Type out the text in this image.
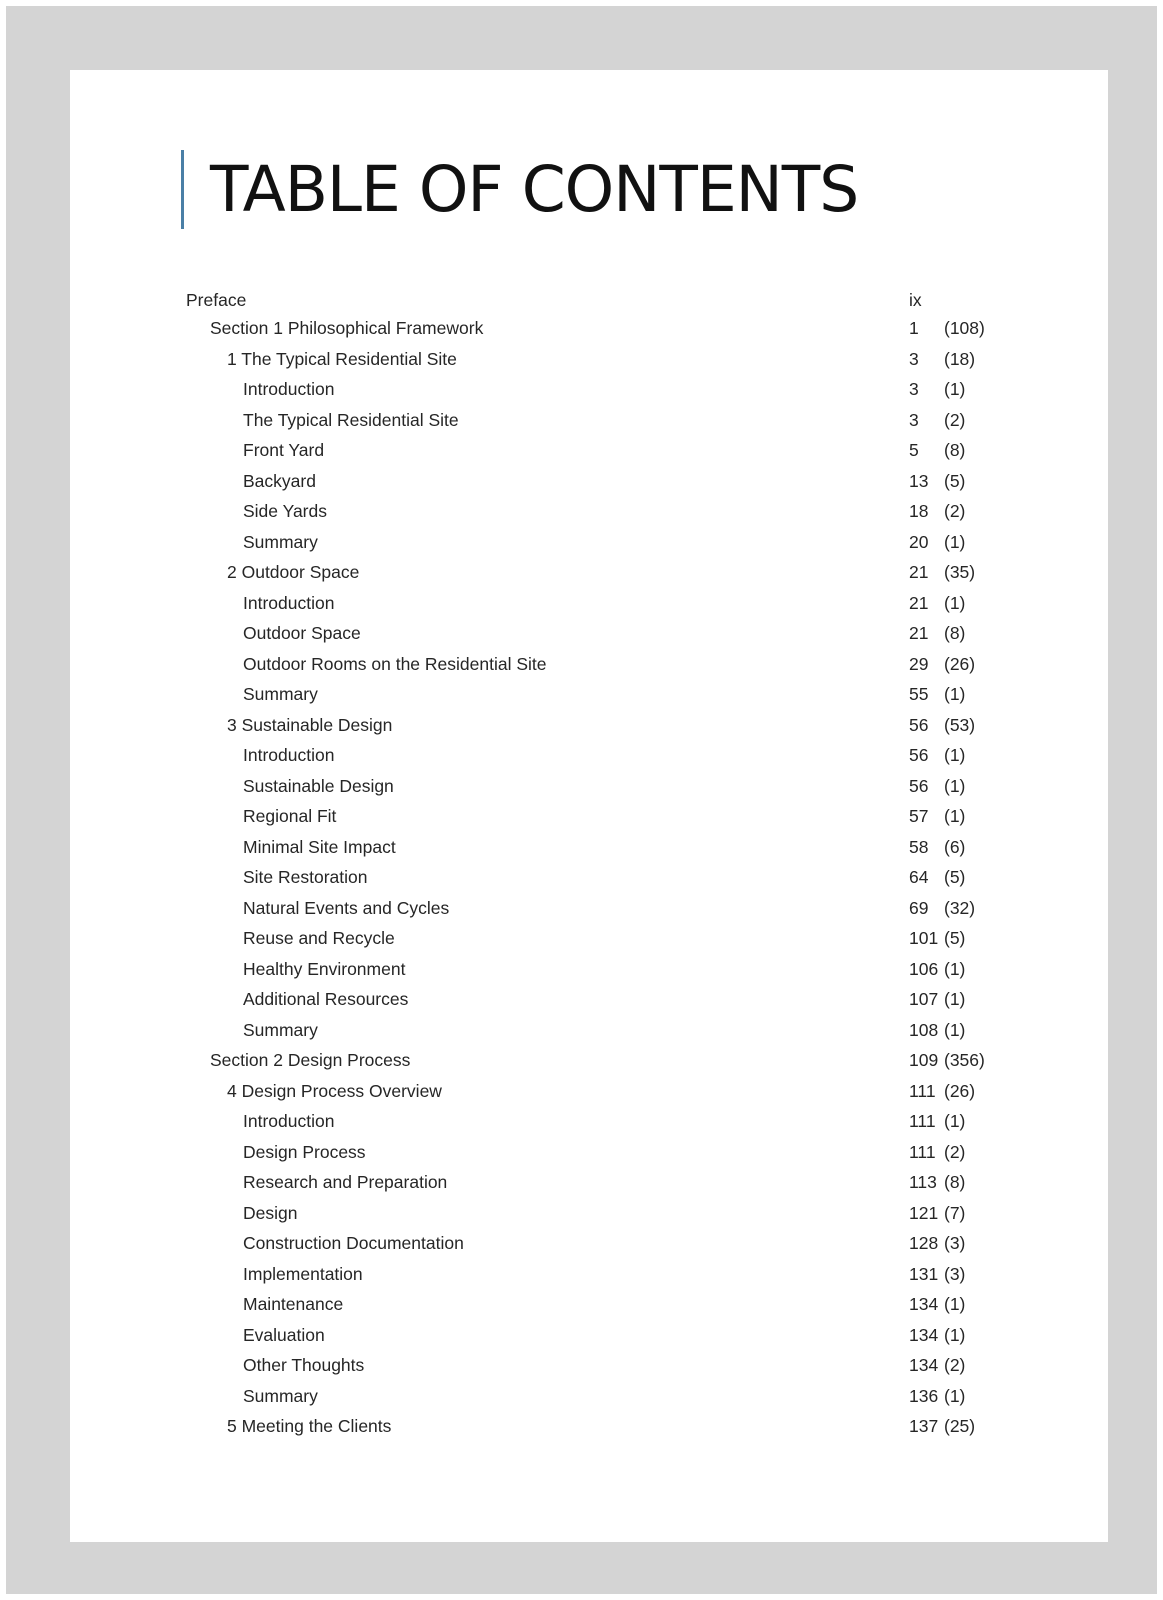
TABLE OF CONTENTS
Preface	ix
Section 1 Philosophical Framework	1 (108)
1 The Typical Residential Site	3 (18)
Introduction	3 (1)
The Typical Residential Site	3 (2)
Front Yard	5 (8)
Backyard	13 (5)
Side Yards	18 (2)
Summary	20 (1)
2 Outdoor Space	21 (35)
Introduction	21 (1)
Outdoor Space	21 (8)
Outdoor Rooms on the Residential Site	29 (26)
Summary	55 (1)
3 Sustainable Design	56 (53)
Introduction	56 (1)
Sustainable Design	56 (1)
Regional Fit	57 (1)
Minimal Site Impact	58 (6)
Site Restoration	64 (5)
Natural Events and Cycles	69 (32)
Reuse and Recycle	101 (5)
Healthy Environment	106 (1)
Additional Resources	107 (1)
Summary	108 (1)
Section 2 Design Process	109 (356)
4 Design Process Overview	111 (26)
Introduction	111 (1)
Design Process	111 (2)
Research and Preparation	113 (8)
Design	121 (7)
Construction Documentation	128 (3)
Implementation	131 (3)
Maintenance	134 (1)
Evaluation	134 (1)
Other Thoughts	134 (2)
Summary	136 (1)
5 Meeting the Clients	137 (25)
